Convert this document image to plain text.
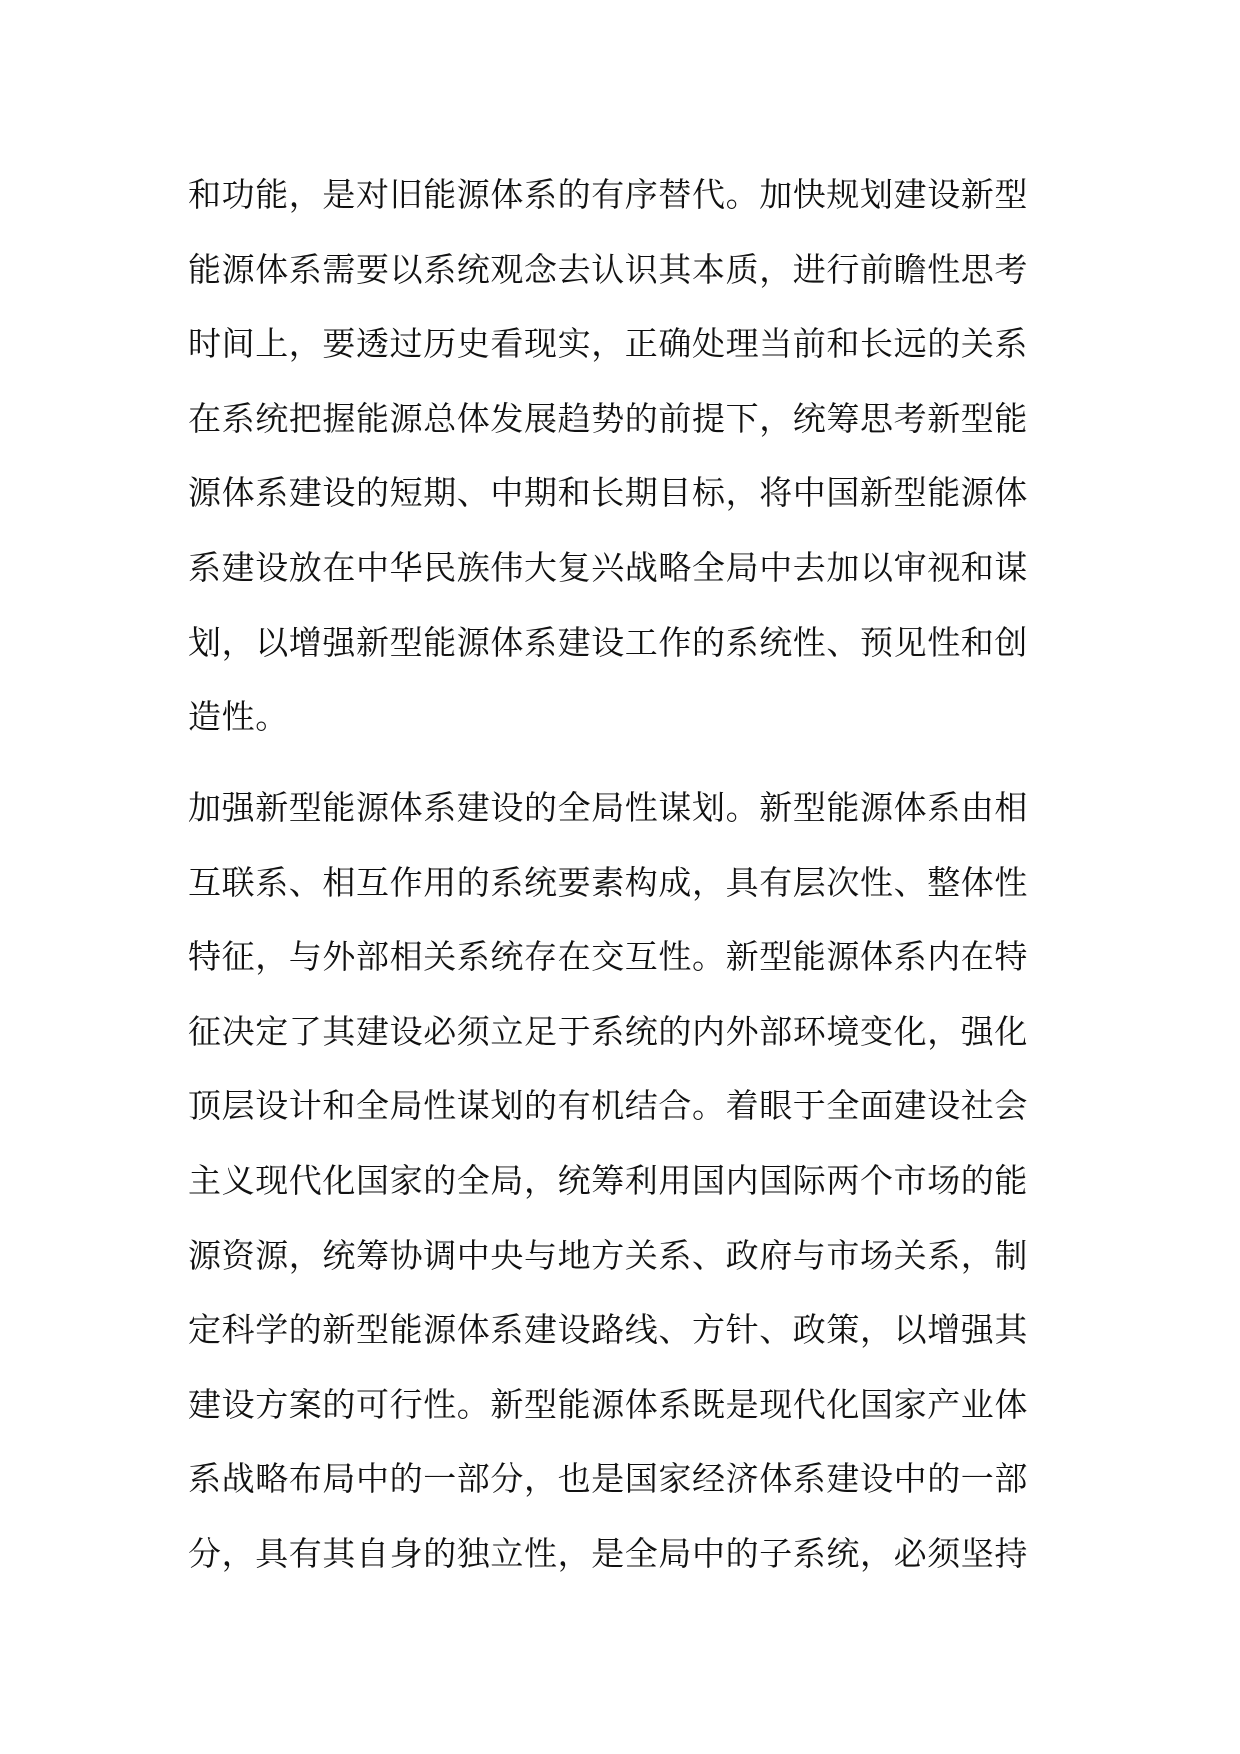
和功能，是对旧能源体系的有序替代。加快规划建设新型
能源体系需要以系统观念去认识其本质，进行前瞻性思考
时间上，要透过历史看现实，正确处理当前和长远的关系
在系统把握能源总体发展趋势的前提下，统筹思考新型能
源体系建设的短期、中期和长期目标，将中国新型能源体
系建设放在中华民族伟大复兴战略全局中去加以审视和谋
划，以增强新型能源体系建设工作的系统性、预见性和创
造性。
加强新型能源体系建设的全局性谋划。新型能源体系由相
互联系、相互作用的系统要素构成，具有层次性、整体性
特征，与外部相关系统存在交互性。新型能源体系内在特
征决定了其建设必须立足于系统的内外部环境变化，强化
顶层设计和全局性谋划的有机结合。着眼于全面建设社会
主义现代化国家的全局，统筹利用国内国际两个市场的能
源资源，统筹协调中央与地方关系、政府与市场关系，制
定科学的新型能源体系建设路线、方针、政策，以增强其
建设方案的可行性。新型能源体系既是现代化国家产业体
系战略布局中的一部分，也是国家经济体系建设中的一部
分，具有其自身的独立性，是全局中的子系统，必须坚持
